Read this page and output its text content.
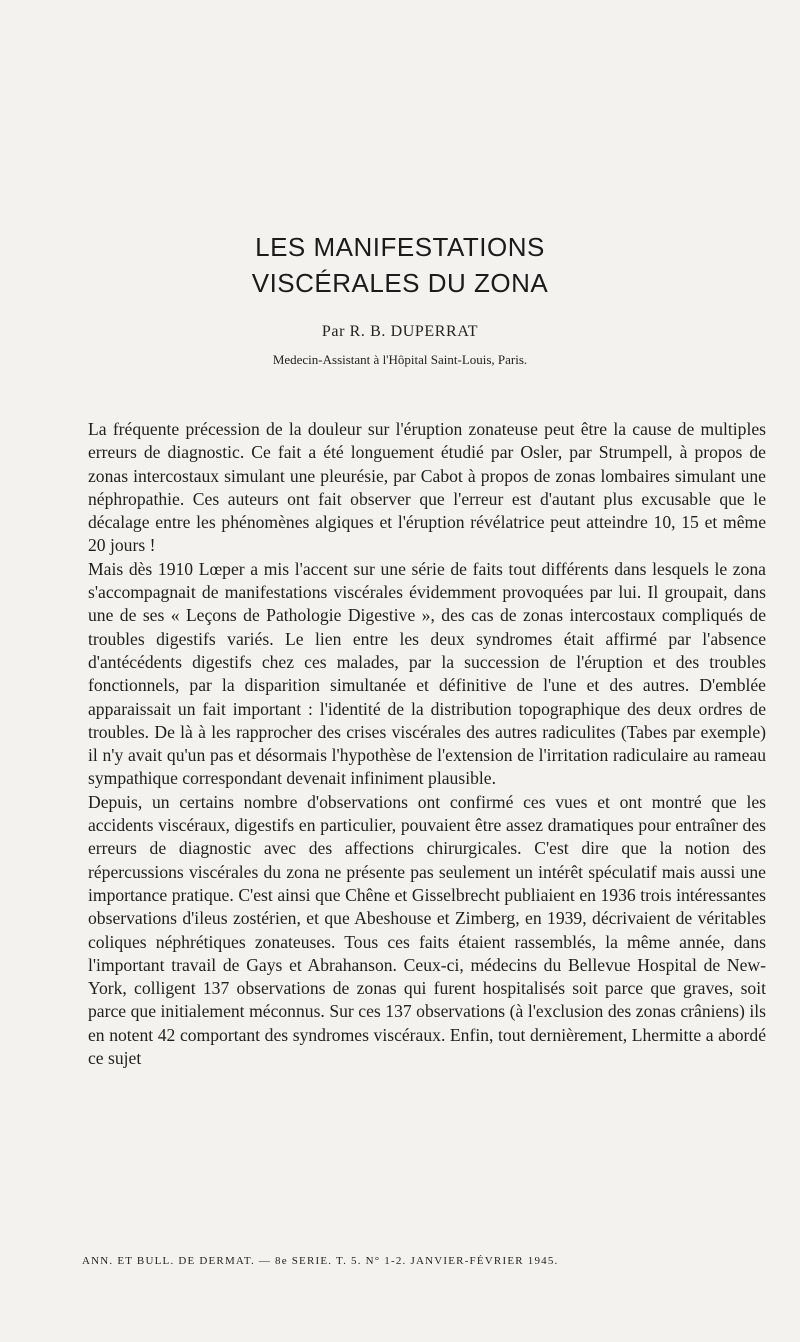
LES MANIFESTATIONS
VISCÉRALES DU ZONA
Par R. B. DUPERRAT
Medecin-Assistant à l'Hôpital Saint-Louis, Paris.

La fréquente précession de la douleur sur l'éruption zonateuse peut être la cause de multiples erreurs de diagnostic. Ce fait a été longuement étudié par Osler, par Strumpell, à propos de zonas intercostaux simulant une pleurésie, par Cabot à propos de zonas lombaires simulant une néphropathie. Ces auteurs ont fait observer que l'erreur est d'autant plus excusable que le décalage entre les phénomènes algiques et l'éruption révélatrice peut atteindre 10, 15 et même 20 jours !

Mais dès 1910 Lœper a mis l'accent sur une série de faits tout différents dans lesquels le zona s'accompagnait de manifestations viscérales évidemment provoquées par lui. Il groupait, dans une de ses « Leçons de Pathologie Digestive », des cas de zonas intercostaux compliqués de troubles digestifs variés. Le lien entre les deux syndromes était affirmé par l'absence d'antécédents digestifs chez ces malades, par la succession de l'éruption et des troubles fonctionnels, par la disparition simultanée et définitive de l'une et des autres. D'emblée apparaissait un fait important : l'identité de la distribution topographique des deux ordres de troubles. De là à les rapprocher des crises viscérales des autres radiculites (Tabes par exemple) il n'y avait qu'un pas et désormais l'hypothèse de l'extension de l'irritation radiculaire au rameau sympathique correspondant devenait infiniment plausible.

Depuis, un certains nombre d'observations ont confirmé ces vues et ont montré que les accidents viscéraux, digestifs en particulier, pouvaient être assez dramatiques pour entraîner des erreurs de diagnostic avec des affections chirurgicales. C'est dire que la notion des répercussions viscérales du zona ne présente pas seulement un intérêt spéculatif mais aussi une importance pratique. C'est ainsi que Chêne et Gisselbrecht publiaient en 1936 trois intéressantes observations d'ileus zostérien, et que Abeshouse et Zimberg, en 1939, décrivaient de véritables coliques néphrétiques zonateuses. Tous ces faits étaient rassemblés, la même année, dans l'important travail de Gays et Abrahanson. Ceux-ci, médecins du Bellevue Hospital de New-York, colligent 137 observations de zonas qui furent hospitalisés soit parce que graves, soit parce que initialement méconnus. Sur ces 137 observations (à l'exclusion des zonas crâniens) ils en notent 42 comportant des syndromes viscéraux. Enfin, tout dernièrement, Lhermitte a abordé ce sujet

ANN. ET BULL. DE DERMAT. — 8e SERIE. T. 5. N° 1-2. JANVIER-FÉVRIER 1945.
